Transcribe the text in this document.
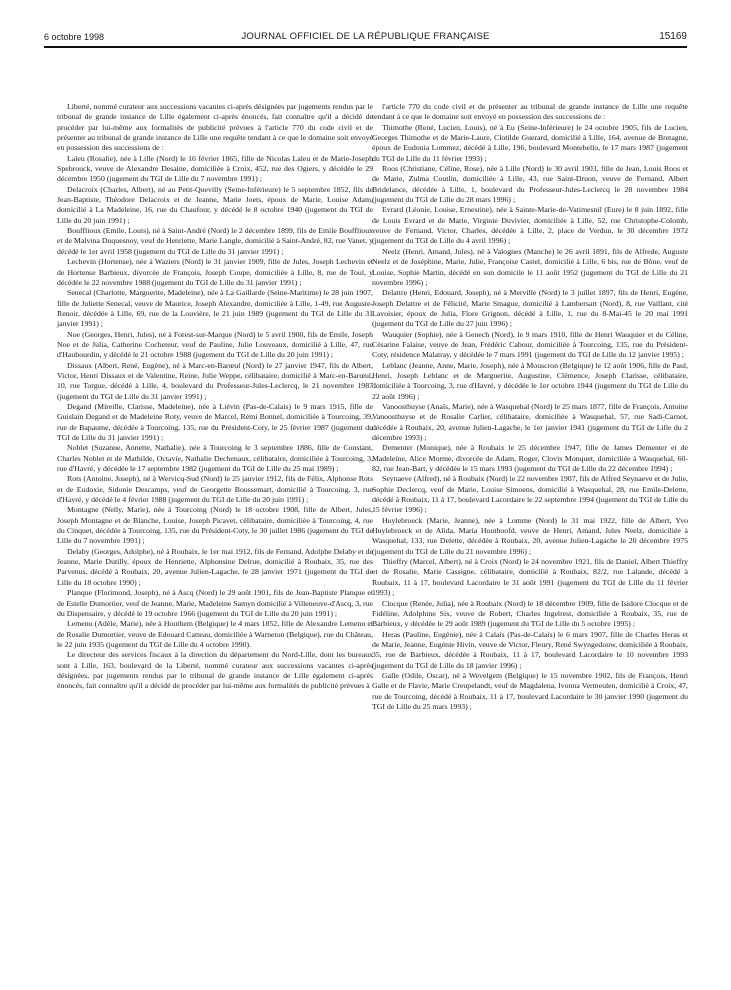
6 octobre 1998	JOURNAL OFFICIEL DE LA RÉPUBLIQUE FRANÇAISE	15169

Liberté, nommé curateur aux successions vacantes ci-après désignées par jugements rendus par le tribunal de grande instance de Lille également ci-après énoncés, fait connaître qu'il a décidé de procéder par lui-même aux formalités de publicité prévues à l'article 770 du code civil et de présenter au tribunal de grande instance de Lille une requête tendant à ce que le domaine soit envoyé en possession des successions de :

Laleu (Rosalie), née à Lille (Nord) le 16 février 1865, fille de Nicolas Laleu et de Marie-Joseph Spebrouck, veuve de Alexandre Desaine, domiciliée à Croix, 452, rue des Ogiers, y décédée le 29 décembre 1950 (jugement du TGI de Lille du 7 novembre 1991) ;

Delacroix (Charles, Albert), né au Petit-Quevilly (Seine-Inférieure) le 5 septembre 1852, fils de Jean-Baptiste, Théodore Delacroix et de Jeanne, Marie Joets, époux de Marie, Louise Adam, domicilié à La Madeleine, 16, rue du Chaufour, y décédé le 8 octobre 1940 (jugement du TGI de Lille du 20 juin 1991) ;

Boufflioux (Emile, Louis), né à Saint-André (Nord) le 2 décembre 1899, fils de Emile Boufflioux et de Malvina Duquesnoy, veuf de Henriette, Marie Langle, domicilié à Saint-André, 82, rue Vanet, y décédé le 1er avril 1958 (jugement du TGI de Lille du 31 janvier 1991) ;

Lechevin (Hortense), née à Waziers (Nord) le 31 janvier 1909, fille de Jules, Joseph Lechevin et de Hortense Barbieux, divorcée de François, Joseph Coupe, domiciliée à Lille, 8, rue de Toul, y décédée le 22 novembre 1988 (jugement du TGI de Lille du 31 janvier 1991) ;

Senecal (Charlotte, Marguerite, Madeleine), née à La Gaillarde (Seine-Maritime) le 28 juin 1907, fille de Juliette Senecal, veuve de Maurice, Joseph Alexandre, domiciliée à Lille, 1-49, rue Auguste-Renoir, décédée à Lille, 69, rue de la Louvière, le 21 juin 1989 (jugement du TGI de Lille du 31 janvier 1991) ;

Noe (Georges, Henri, Jules), né à Forest-sur-Marque (Nord) le 5 avril 1900, fils de Emile, Joseph Noe et de Julia, Catherine Cocheteur, veuf de Pauline, Julie Louveaux, domicilié à Lille, 47, rue d'Haubourdin, y décédé le 21 octobre 1988 (jugement du TGI de Lille du 20 juin 1991) ;

Dissaux (Albert, René, Eugène), né à Marc-en-Barœul (Nord) le 27 janvier 1947, fils de Albert, Victor, Henri Dissaux et de Valentine, Reine, Julie Weppe, célibataire, domicilié à Marc-en-Barœul, 10, rue Torgue, décédé à Lille, 4, boulevard du Professeur-Jules-Leclercq, le 21 novembre 1987 (jugement du TGI de Lille du 31 janvier 1991) ;

Degand (Mireille, Clarisse, Madeleine), née à Liévin (Pas-de-Calais) le 9 mars 1915, fille de Guislain Degand et de Madeleine Roty, veuve de Marcel, Rémi Bonnel, domiciliée à Tourcoing, 39, rue de Bapaume, décédée à Tourcoing, 135, rue du Président-Coty, le 25 février 1987 (jugement du TGI de Lille du 31 janvier 1991) ;

Noblet (Suzanne, Annette, Nathalie), née à Tourcoing le 3 septembre 1886, fille de Constant, Charles Noblet et de Mathilde, Octavie, Nathalie Dechenaux, célibataire, domiciliée à Tourcoing, 3, rue d'Havré, y décédée le 17 septembre 1982 (jugement du TGI de Lille du 25 mai 1989) ;

Rots (Antoine, Joseph), né à Wervicq-Sud (Nord) le 25 janvier 1912, fils de Félix, Alphonse Rots et de Eudoxie, Sidonie Descamps, veuf de Georgette Boussemart, domicilié à Tourcoing, 3, rue d'Havré, y décédé le 4 février 1988 (jugement du TGI de Lille du 20 juin 1991) ;

Montagne (Nelly, Marie), née à Tourcoing (Nord) le 18 octobre 1908, fille de Albert, Jules, Joseph Montagne et de Blanche, Louise, Joseph Picavet, célibataire, domiciliée à Tourcoing, 4, rue du Cinquet, décédée à Tourcoing, 135, rue du Président-Coty, le 30 juillet 1986 (jugement du TGI de Lille du 7 novembre 1991) ;

Delaby (Georges, Adolphe), né à Roubaix, le 1er mai 1912, fils de Fernand, Adolphe Delaby et de Jeanne, Marie Dutilly, époux de Henriette, Alphonsine Delrue, domicilié à Roubaix, 35, rue des Parvenus, décédé à Roubaix, 20, avenue Julien-Lagache, le 28 janvier 1971 (jugement du TGI de Lille du 18 octobre 1990) ;

Planque (Florimond, Joseph), né à Ascq (Nord) le 29 août 1901, fils de Jean-Baptiste Planque et de Estelle Dumortier, veuf de Jeanne, Marie, Madeleine Samyn domicilié à Villeneuve-d'Ascq, 3, rue du Dispensaire, y décédé le 19 octobre 1966 (jugement du TGI de Lille du 20 juin 1991) ;

Lemenu (Adèle, Marie), née à Houthem (Belgique) le 4 mars 1852, fille de Alexandre Lemenu et de Rosalie Dumortier, veuve de Edouard Catteau, domiciliée à Warneton (Belgique), rue du Château, le 22 juin 1935 (jugement du TGI de Lille du 4 octobre 1990).

Le directeur des services fiscaux à la direction du département du Nord-Lille, dont les bureaux sont à Lille, 163, boulevard de la Liberté, nommé curateur aux successions vacantes ci-après désignées, par jugements rendus par le tribunal de grande instance de Lille également ci-après énoncés, fait connaître qu'il a décidé de procéder par lui-même aux formalités de publicité prévues à

l'article 770 du code civil et de présenter au tribunal de grande instance de Lille une requête tendant à ce que le domaine soit envoyé en possession des successions de :

Thimothe (René, Lucien, Louis), né à Eu (Seine-Inférieure) le 24 octobre 1905, fils de Lucien, Georges Thimothe et de Marie-Laure, Clotilde Guerard, domicilié à Lille, 164, avenue de Bretagne, époux de Eudonia Lommez, décédé à Lille, 196, boulevard Montebello, le 17 mars 1987 (jugement du TGI de Lille du 11 février 1993) ;

Roos (Christiane, Céline, Rose), née à Lille (Nord) le 30 avril 1903, fille de Jean, Louis Roos et de Marie, Zulma Coutlin, domiciliée à Lille, 43, rue Saint-Druon, veuve de Fernand, Albert Bridelance, décédée à Lille, 1, boulevard du Professeur-Jules-Leclercq le 28 novembre 1984 (jugement du TGI de Lille du 28 mars 1996) ;

Evrard (Léonie, Louise, Ernestine), née à Sainte-Marie-de-Vatimesnil (Eure) le 8 juin 1892, fille de Louis Evrard et de Marie, Virginie Duvivier, domiciliée à Lille, 52, rue Christophe-Colomb, veuve de Fernand, Victor, Charles, décédée à Lille, 2, place de Verdun, le 30 décembre 1972 (jugement du TGI de Lille du 4 avril 1996) ;

Neelz (Henri, Amand, Jules), né à Valognes (Manche) le 26 avril 1891, fils de Alfrede, Auguste Neelz et de Joséphine, Marie, Julie, Françoise Castel, domicilié à Lille, 6 bis, rue de Bône, veuf de Louise, Sophie Martin, décédé en son domicile le 11 août 1952 (jugement du TGI de Lille du 21 novembre 1996) ;

Delattre (Henri, Edouard, Joseph), né à Merville (Nord) le 3 juillet 1897, fils de Henri, Eugène, Joseph Delattre et de Félicité, Marie Smague, domicilié à Lambersart (Nord), 8, rue Vaillant, cité Lavoisier, époux de Julia, Flore Grignon, décédé à Lille, 1, rue du 8-Mai-45 le 20 mai 1991 (jugement du TGI de Lille du 27 juin 1996) ;

Wauquier (Sophie), née à Genech (Nord), le 9 mars 1910, fille de Henri Wauquier et de Céline, Césarine Falaise, veuve de Jean, Frédéric Cabour, domiciliée à Tourcoing, 135, rue du Président-Coty, résidence Malatray, y décédée le 7 mars 1991 (jugement du TGI de Lille du 12 janvier 1995) ;

Leblanc (Jeanne, Anne, Marie, Joseph), née à Mouscron (Belgique) le 12 août 1906, fille de Paul, Henri, Joseph Leblanc et de Marguerite, Augustine, Clémence, Joseph Clarisse, célibataire, domiciliée à Tourcoing, 3, rue d'Havré, y décédée le 1er octobre 1944 (jugement du TGI de Lille du 22 août 1996) ;

Vanoosthuyse (Anaïs, Marie), née à Wasquehal (Nord) le 25 mars 1877, fille de François, Antoine Vanoosthuyse et de Rosalie Carlier, célibataire, domiciliée à Wasquehal, 57, rue Sadi-Carnot, décédée à Roubaix, 20, avenue Julien-Lagache, le 1er janvier 1941 (jugement du TGI de Lille du 2 décembre 1993) ;

Dementer (Monique), née à Roubaix le 25 décembre 1947, fille de James Dementer et de Madeleine, Alice Morme, divorcée de Adam, Roger, Clovis Monquet, domiciliée à Wasquehal, 60-82, rue Jean-Bart, y décédée le 15 mars 1993 (jugement du TGI de Lille du 22 décembre 1994) ;

Seynaeve (Alfred), né à Roubaix (Nord) le 22 novembre 1907, fils de Alfred Seynaeve et de Julie, Sophie Declercq, veuf de Marie, Louise Simoens, domicilié à Wasquehal, 28, rue Emile-Delette, décédé à Roubaix, 11 à 17, boulevard Lacordaire le 22 septembre 1994 (jugement du TGI de Lille du 15 février 1996) ;

Huylebroeck (Marie, Jeanne), née à Lomme (Nord) le 31 mai 1922, fille de Albert, Yvo Huylebroeck et de Alida, Maria Houthoofd, veuve de Henri, Amand, Jules Neelz, domiciliée à Wasquehal, 133, rue Delette, décédée à Roubaix, 20, avenue Julien-Lagache le 20 décembre 1975 (jugement du TGI de Lille du 21 novembre 1996) ;

Thieffry (Marcel, Albert), né à Croix (Nord) le 24 novembre 1921, fils de Daniel, Albert Thieffry et de Rosalie, Marie Cassigne, célibataire, domicilié à Roubaix, 82/2, rue Lalande, décédé à Roubaix, 11 à 17, boulevard Lacordaire le 31 août 1991 (jugement du TGI de Lille du 11 février 1993) ;

Clocque (Renée, Julia), née à Roubaix (Nord) le 18 décembre 1909, fille de Isidore Clocque et de Fidéline, Adolphine Six, veuve de Robert, Charles Ingelrest, domiciliée à Roubaix, 35, rue de Barbieux, y décédée le 29 août 1989 (jugement du TGI de Lille du 5 octobre 1995) ;

Heras (Pauline, Eugénie), née à Calais (Pas-de-Calais) le 6 mars 1907, fille de Charles Heras et de Marie, Jeanne, Eugénie Hivin, veuve de Victor, Fleury, René Swyngedouw, domiciliée à Roubaix, 35, rue de Barbieux, décédée à Roubaix, 11 à 17, boulevard Lacordaire le 10 novembre 1993 (jugement du TGI de Lille du 18 janvier 1996) ;

Galle (Odile, Oscar), né à Wevelgem (Belgique) le 15 novembre 1902, fils de François, Henri Galle et de Flavie, Marie Creupelandt, veuf de Magdalena, Ivonna Vermeulen, domicilié à Croix, 47, rue de Tourcoing, décédé à Roubaix, 11 à 17, boulevard Lacordaire le 30 janvier 1990 (jugement du TGI de Lille du 25 mars 1993) ;
